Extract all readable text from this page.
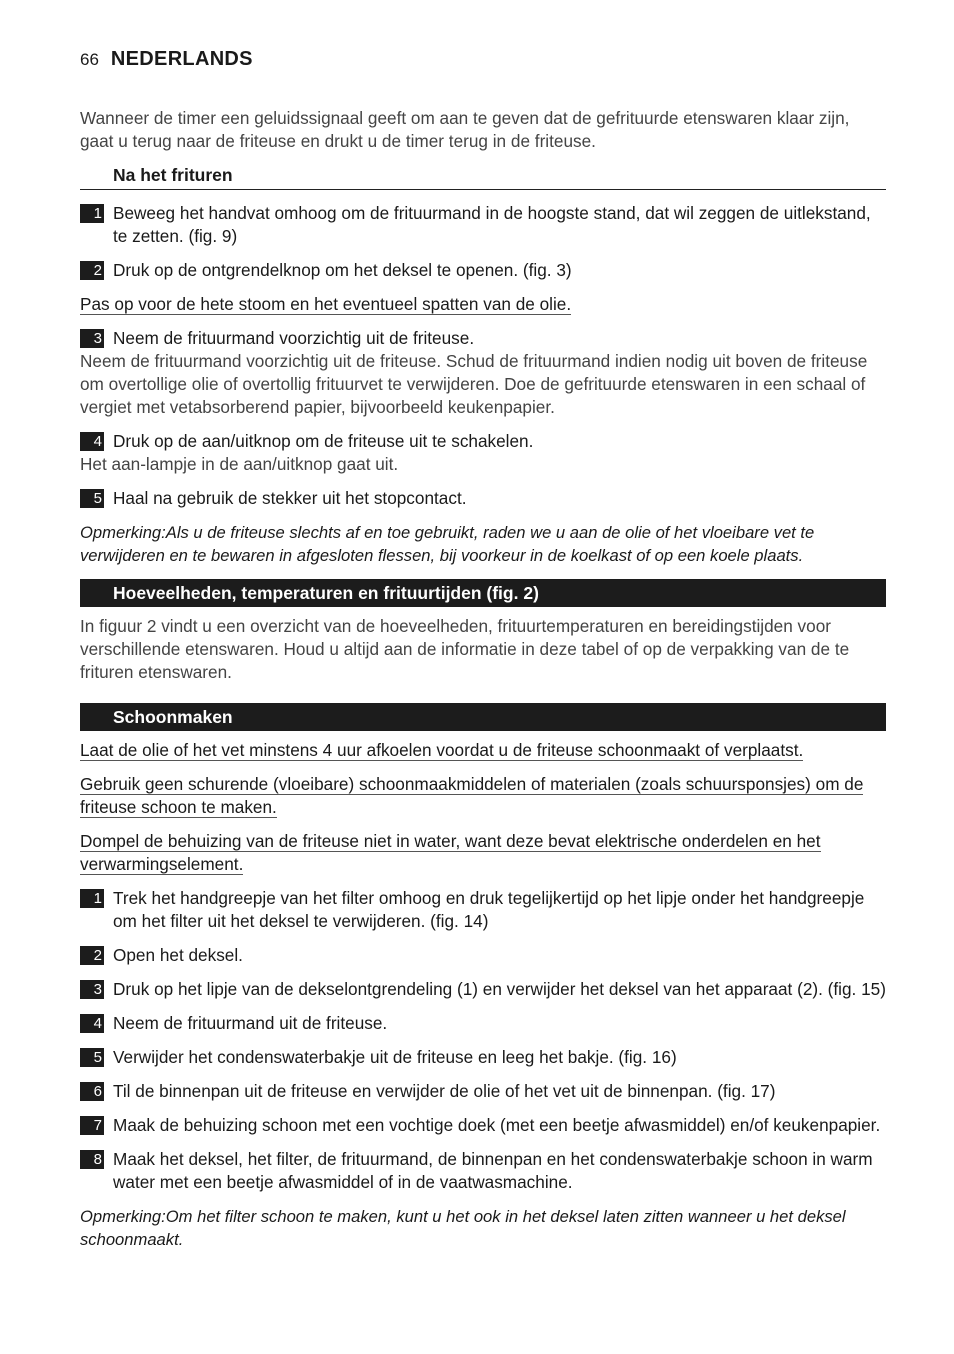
66 NEDERLANDS

Wanneer de timer een geluidssignaal geeft om aan te geven dat de gefrituurde etenswaren klaar zijn, gaat u terug naar de friteuse en drukt u de timer terug in de friteuse.

Na het frituren
1 Beweeg het handvat omhoog om de frituurmand in de hoogste stand, dat wil zeggen de uitlekstand, te zetten. (fig. 9)
2 Druk op de ontgrendelknop om het deksel te openen. (fig. 3)

Pas op voor de hete stoom en het eventueel spatten van de olie.

3 Neem de frituurmand voorzichtig uit de friteuse.

Neem de frituurmand voorzichtig uit de friteuse. Schud de frituurmand indien nodig uit boven de friteuse om overtollige olie of overtollig frituurvet te verwijderen. Doe de gefrituurde etenswaren in een schaal of vergiet met vetabsorberend papier, bijvoorbeeld keukenpapier.

4 Druk op de aan/uitknop om de friteuse uit te schakelen.

Het aan-lampje in de aan/uitknop gaat uit.

5 Haal na gebruik de stekker uit het stopcontact.

Opmerking:Als u de friteuse slechts af en toe gebruikt, raden we u aan de olie of het vloeibare vet te verwijderen en te bewaren in afgesloten flessen, bij voorkeur in de koelkast of op een koele plaats.

Hoeveelheden, temperaturen en frituurtijden (fig. 2)

In figuur 2 vindt u een overzicht van de hoeveelheden, frituurtemperaturen en bereidingstijden voor verschillende etenswaren. Houd u altijd aan de informatie in deze tabel of op de verpakking van de te frituren etenswaren.

Schoonmaken

Laat de olie of het vet minstens 4 uur afkoelen voordat u de friteuse schoonmaakt of verplaatst.

Gebruik geen schurende (vloeibare) schoonmaakmiddelen of materialen (zoals schuursponsjes) om de friteuse schoon te maken.

Dompel de behuizing van de friteuse niet in water, want deze bevat elektrische onderdelen en het verwarmingselement.

1 Trek het handgreepje van het filter omhoog en druk tegelijkertijd op het lipje onder het handgreepje om het filter uit het deksel te verwijderen. (fig. 14)
2 Open het deksel.
3 Druk op het lipje van de dekselontgrendeling (1) en verwijder het deksel van het apparaat (2). (fig. 15)
4 Neem de frituurmand uit de friteuse.
5 Verwijder het condenswaterbakje uit de friteuse en leeg het bakje. (fig. 16)
6 Til de binnenpan uit de friteuse en verwijder de olie of het vet uit de binnenpan. (fig. 17)
7 Maak de behuizing schoon met een vochtige doek (met een beetje afwasmiddel) en/of keukenpapier.
8 Maak het deksel, het filter, de frituurmand, de binnenpan en het condenswaterbakje schoon in warm water met een beetje afwasmiddel of in de vaatwasmachine.

Opmerking:Om het filter schoon te maken, kunt u het ook in het deksel laten zitten wanneer u het deksel schoonmaakt.
